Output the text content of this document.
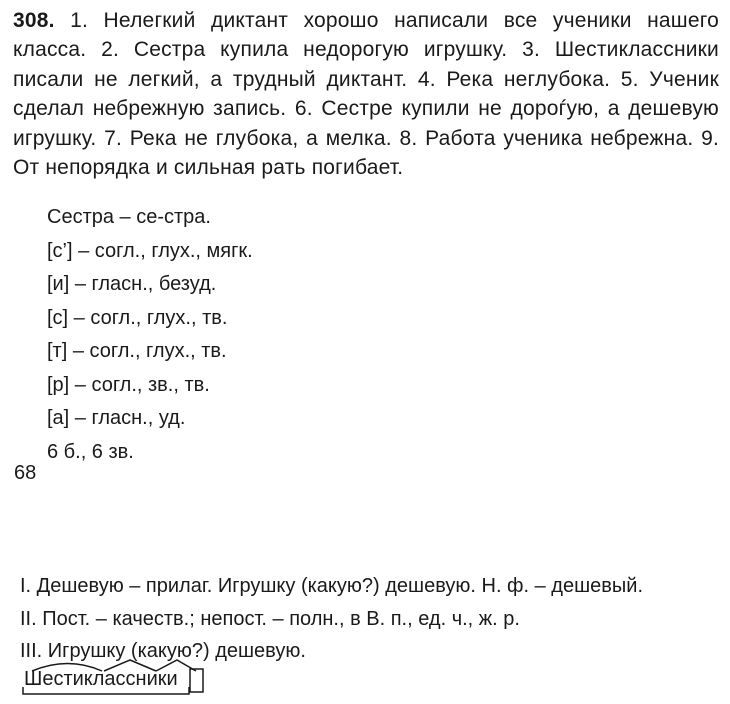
308. 1. Нелегкий диктант хорошо написали все ученики нашего класса. 2. Сестра купила недорогую игрушку. 3. Шестиклассники писали не легкий, а трудный диктант. 4. Река неглубока. 5. Ученик сделал небрежную запись. 6. Сестре купили не дороѓую, а дешевую игрушку. 7. Река не глубока, а мелка. 8. Работа ученика небрежна. 9. От непорядка и сильная рать погибает.
Сестра – се-стра.
[с’] – согл., глух., мягк.
[и] – гласн., безуд.
[с] – согл., глух., тв.
[т] – согл., глух., тв.
[р] – согл., зв., тв.
[а] – гласн., уд.
6 б., 6 зв.
68
I. Дешевую – прилаг. Игрушку (какую?) дешевую. Н. ф. – дешевый.
II. Пост. – качеств.; непост. – полн., в В. п., ед. ч., ж. р.
III. Игрушку (какую?) дешевую.
Шестиклассники
